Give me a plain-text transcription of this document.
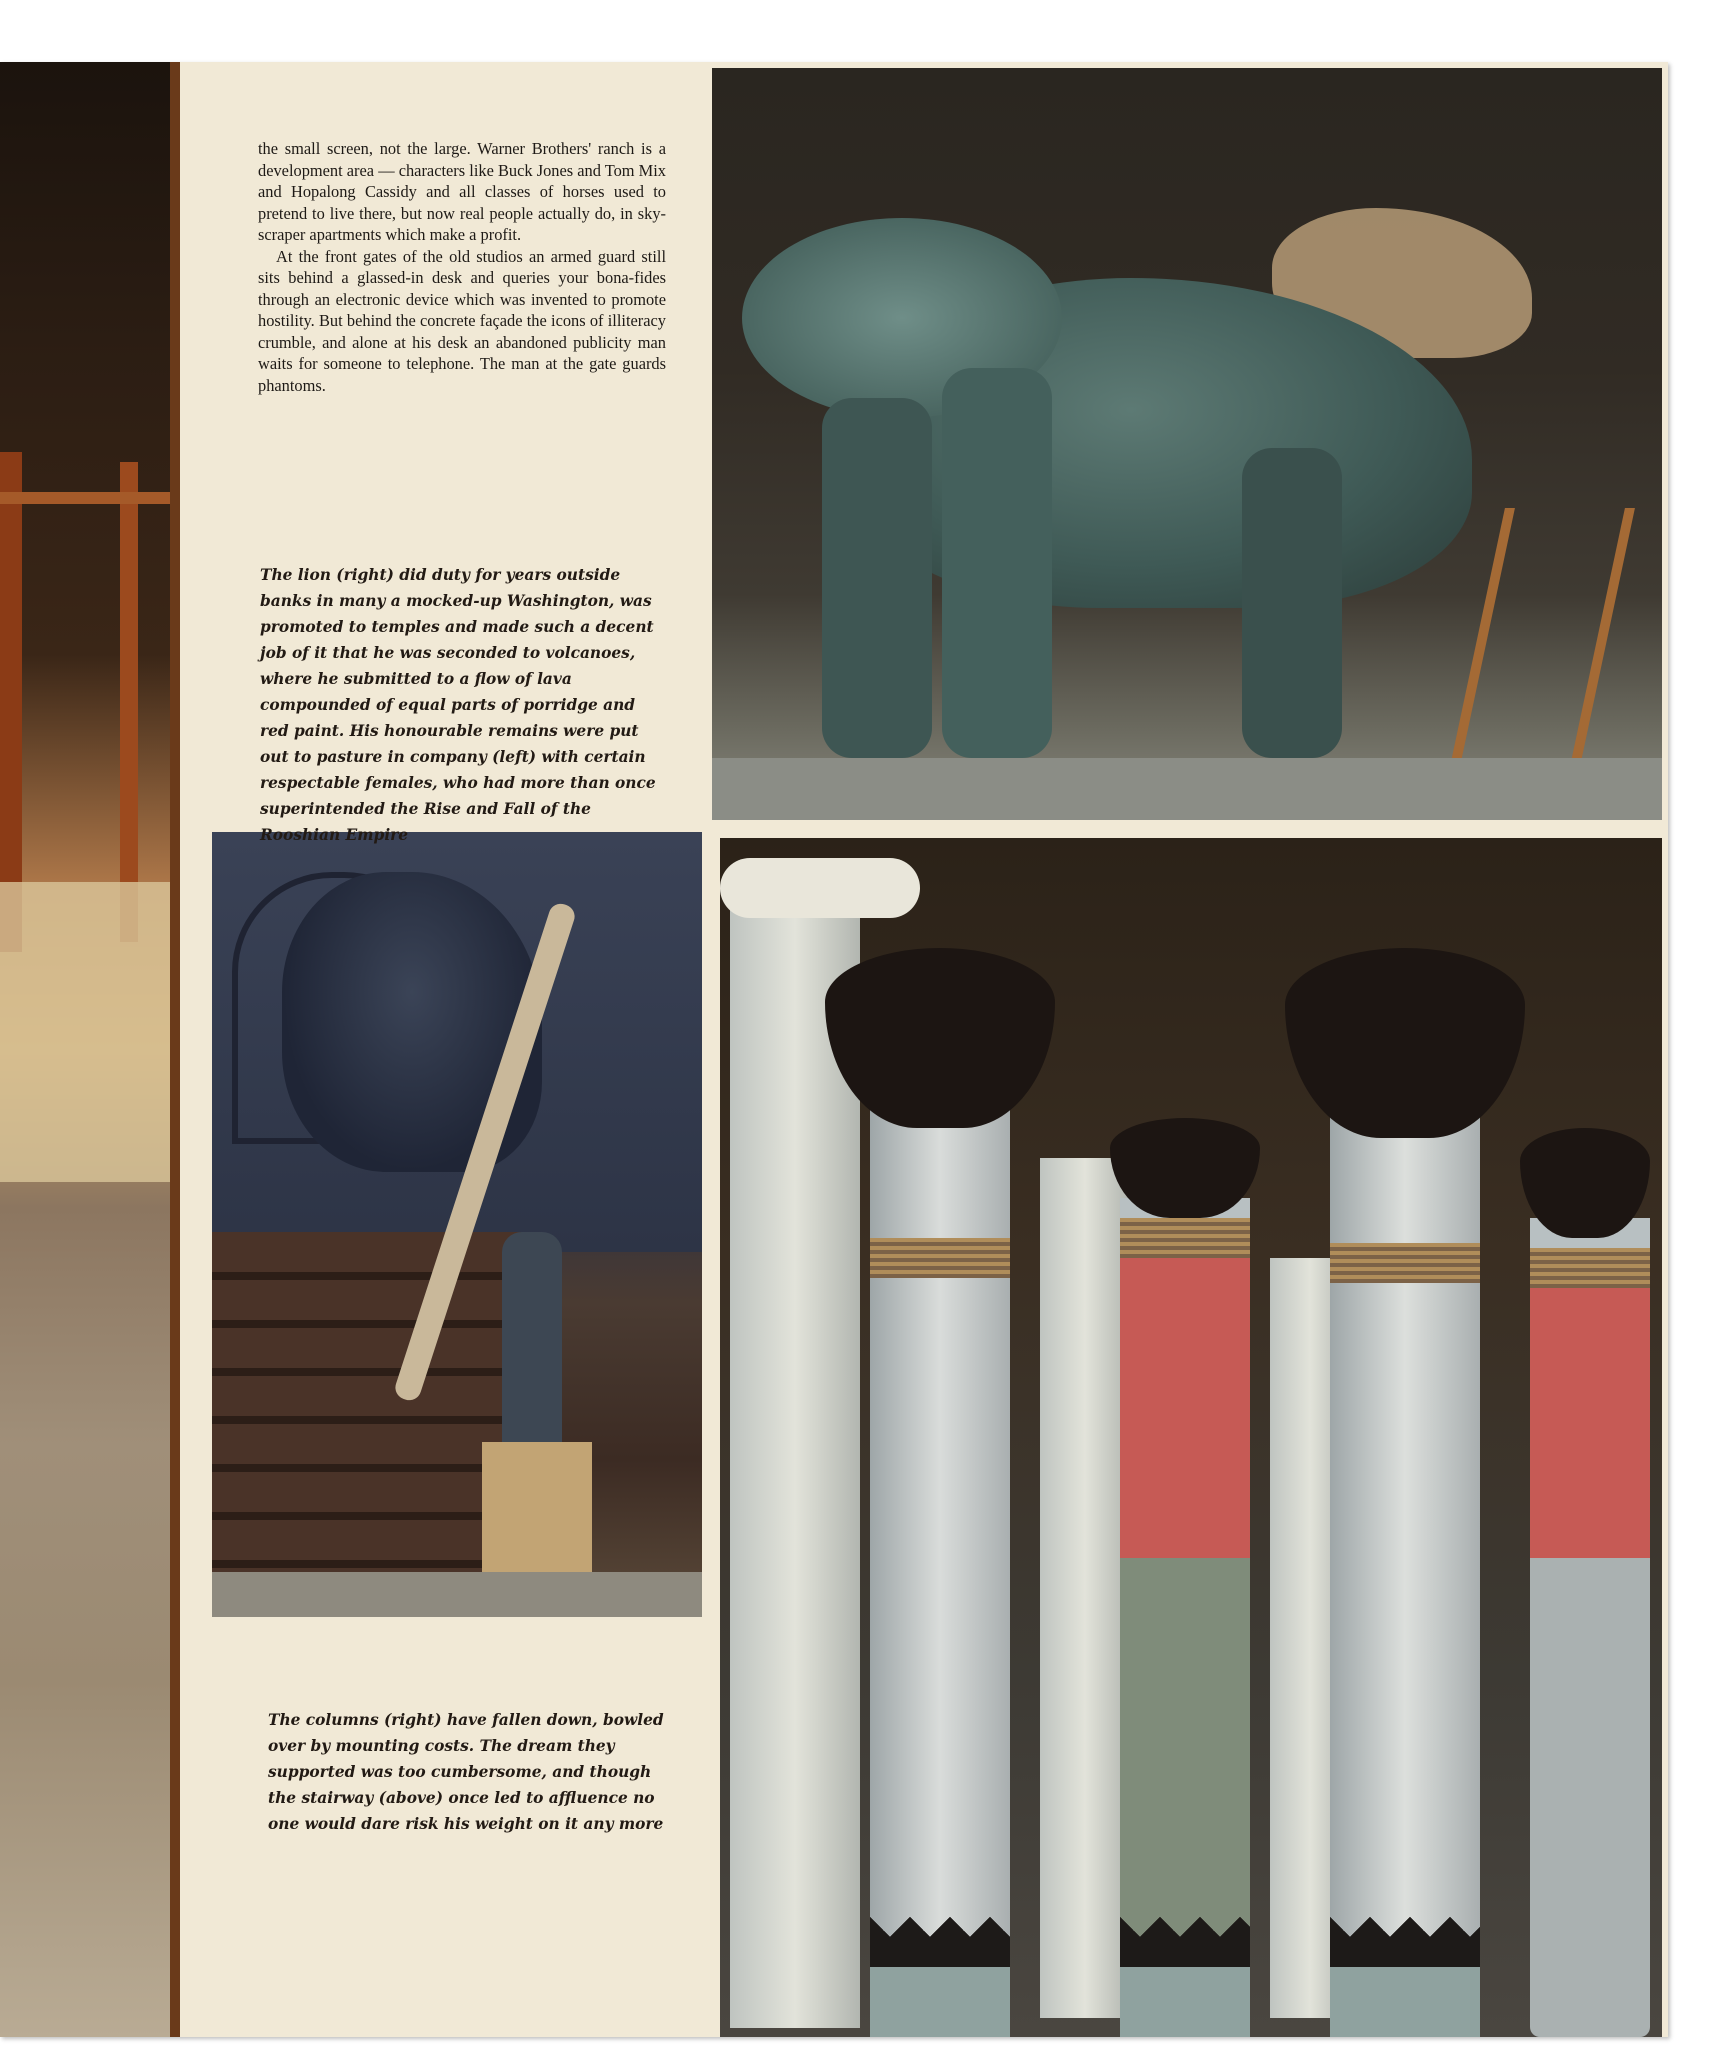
the small screen, not the large. Warner Brothers' ranch is a development area — characters like Buck Jones and Tom Mix and Hopalong Cassidy and all classes of horses used to pretend to live there, but now real people actually do, in sky-scraper apartments which make a profit.

At the front gates of the old studios an armed guard still sits behind a glassed-in desk and queries your bona-fides through an electronic device which was invented to promote hostility. But behind the concrete façade the icons of illiteracy crumble, and alone at his desk an abandoned publicity man waits for someone to telephone. The man at the gate guards phantoms.

The lion (right) did duty for years outside banks in many a mocked-up Washington, was promoted to temples and made such a decent job of it that he was seconded to volcanoes, where he submitted to a flow of lava compounded of equal parts of porridge and red paint. His honourable remains were put out to pasture in company (left) with certain respectable females, who had more than once superintended the Rise and Fall of the Rooshian Empire

The columns (right) have fallen down, bowled over by mounting costs. The dream they supported was too cumbersome, and though the stairway (above) once led to affluence no one would dare risk his weight on it any more
